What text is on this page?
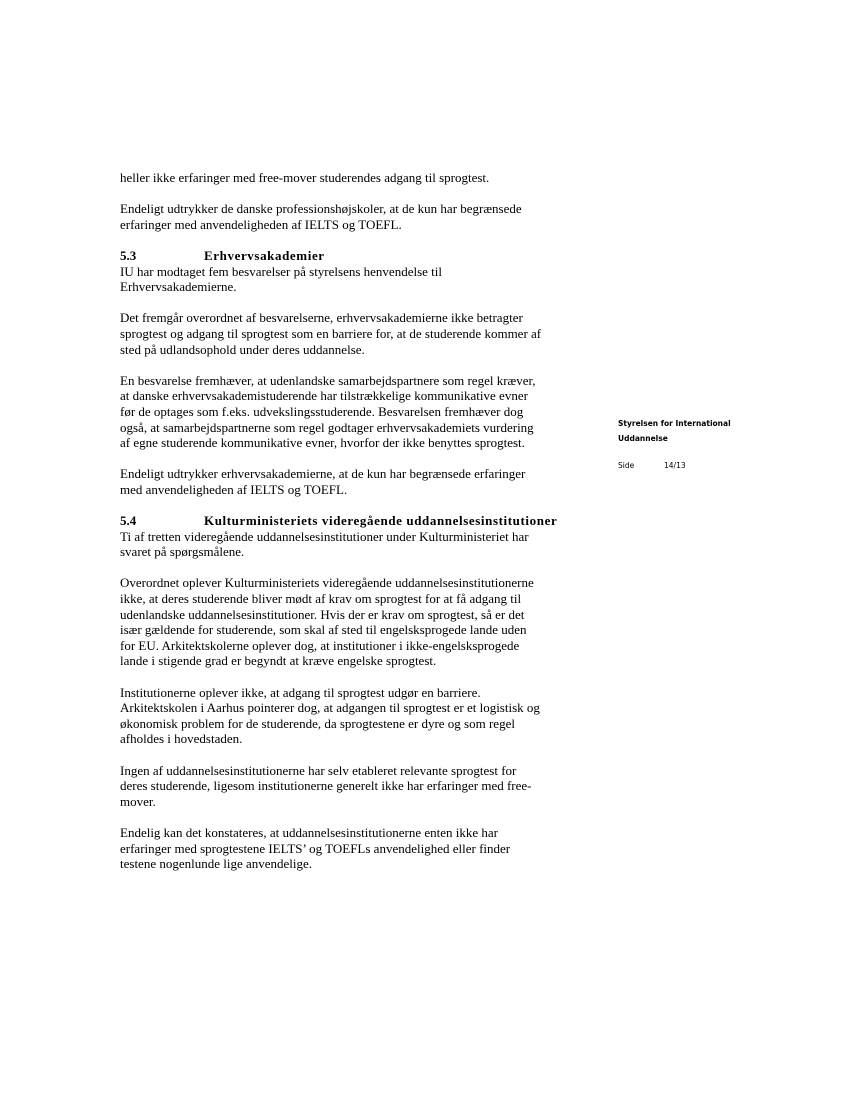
heller ikke erfaringer med free-mover studerendes adgang til sprogtest.

Endeligt udtrykker de danske professionshøjskoler, at de kun har begrænsede
erfaringer med anvendeligheden af IELTS og TOEFL.

5.3	Erhvervsakademier

IU har modtaget fem besvarelser på styrelsens henvendelse til
Erhvervsakademierne.

Det fremgår overordnet af besvarelserne, erhvervsakademierne ikke betragter
sprogtest og adgang til sprogtest som en barriere for, at de studerende kommer af
sted på udlandsophold under deres uddannelse.

En besvarelse fremhæver, at udenlandske samarbejdspartnere som regel kræver,
at danske erhvervsakademistuderende har tilstrækkelige kommunikative evner
før de optages som f.eks. udvekslingsstuderende. Besvarelsen fremhæver dog
også, at samarbejdspartnerne som regel godtager erhvervsakademiets vurdering
af egne studerende kommunikative evner, hvorfor der ikke benyttes sprogtest.

Endeligt udtrykker erhvervsakademierne, at de kun har begrænsede erfaringer
med anvendeligheden af IELTS og TOEFL.

5.4	Kulturministeriets videregående uddannelsesinstitutioner

Ti af tretten videregående uddannelsesinstitutioner under Kulturministeriet har
svaret på spørgsmålene.

Overordnet oplever Kulturministeriets videregående uddannelsesinstitutionerne
ikke, at deres studerende bliver mødt af krav om sprogtest for at få adgang til
udenlandske uddannelsesinstitutioner. Hvis der er krav om sprogtest, så er det
især gældende for studerende, som skal af sted til engelsksprogede lande uden
for EU. Arkitektskolerne oplever dog, at institutioner i ikke-engelsksprogede
lande i stigende grad er begyndt at kræve engelske sprogtest.

Institutionerne oplever ikke, at adgang til sprogtest udgør en barriere.
Arkitektskolen i Aarhus pointerer dog, at adgangen til sprogtest er et logistisk og
økonomisk problem for de studerende, da sprogtestene er dyre og som regel
afholdes i hovedstaden.

Ingen af uddannelsesinstitutionerne har selv etableret relevante sprogtest for
deres studerende, ligesom institutionerne generelt ikke har erfaringer med free-
mover.

Endelig kan det konstateres, at uddannelsesinstitutionerne enten ikke har
erfaringer med sprogtestene IELTS’ og TOEFLs anvendelighed eller finder
testene nogenlunde lige anvendelige.

Styrelsen for International
Uddannelse

Side	14/13
